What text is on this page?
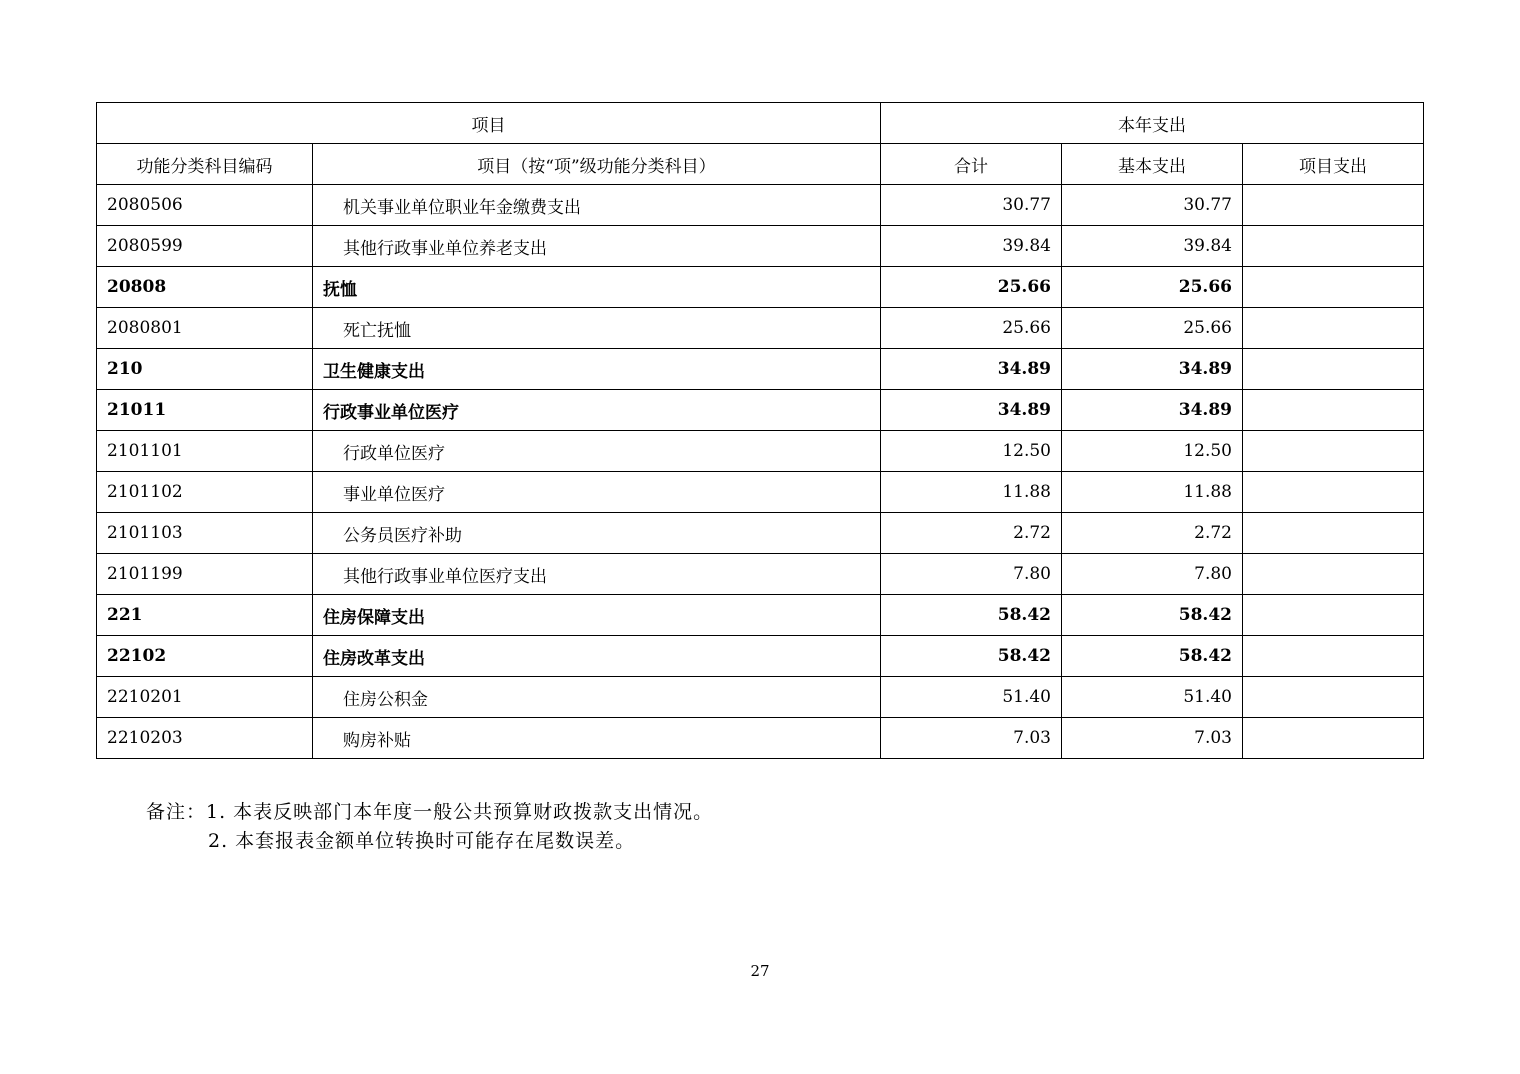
项目		本年支出		
功能分类科目编码	项目（按“项”级功能分类科目）	合计	基本支出	项目支出
2080506	机关事业单位职业年金缴费支出	30.77	30.77	
2080599	其他行政事业单位养老支出	39.84	39.84	
20808	抚恤	25.66	25.66	
2080801	死亡抚恤	25.66	25.66	
210	卫生健康支出	34.89	34.89	
21011	行政事业单位医疗	34.89	34.89	
2101101	行政单位医疗	12.50	12.50	
2101102	事业单位医疗	11.88	11.88	
2101103	公务员医疗补助	2.72	2.72	
2101199	其他行政事业单位医疗支出	7.80	7.80	
221	住房保障支出	58.42	58.42	
22102	住房改革支出	58.42	58.42	
2210201	住房公积金	51.40	51.40	
2210203	购房补贴	7.03	7.03	
备注：1. 本表反映部门本年度一般公共预算财政拨款支出情况。
2. 本套报表金额单位转换时可能存在尾数误差。
27
